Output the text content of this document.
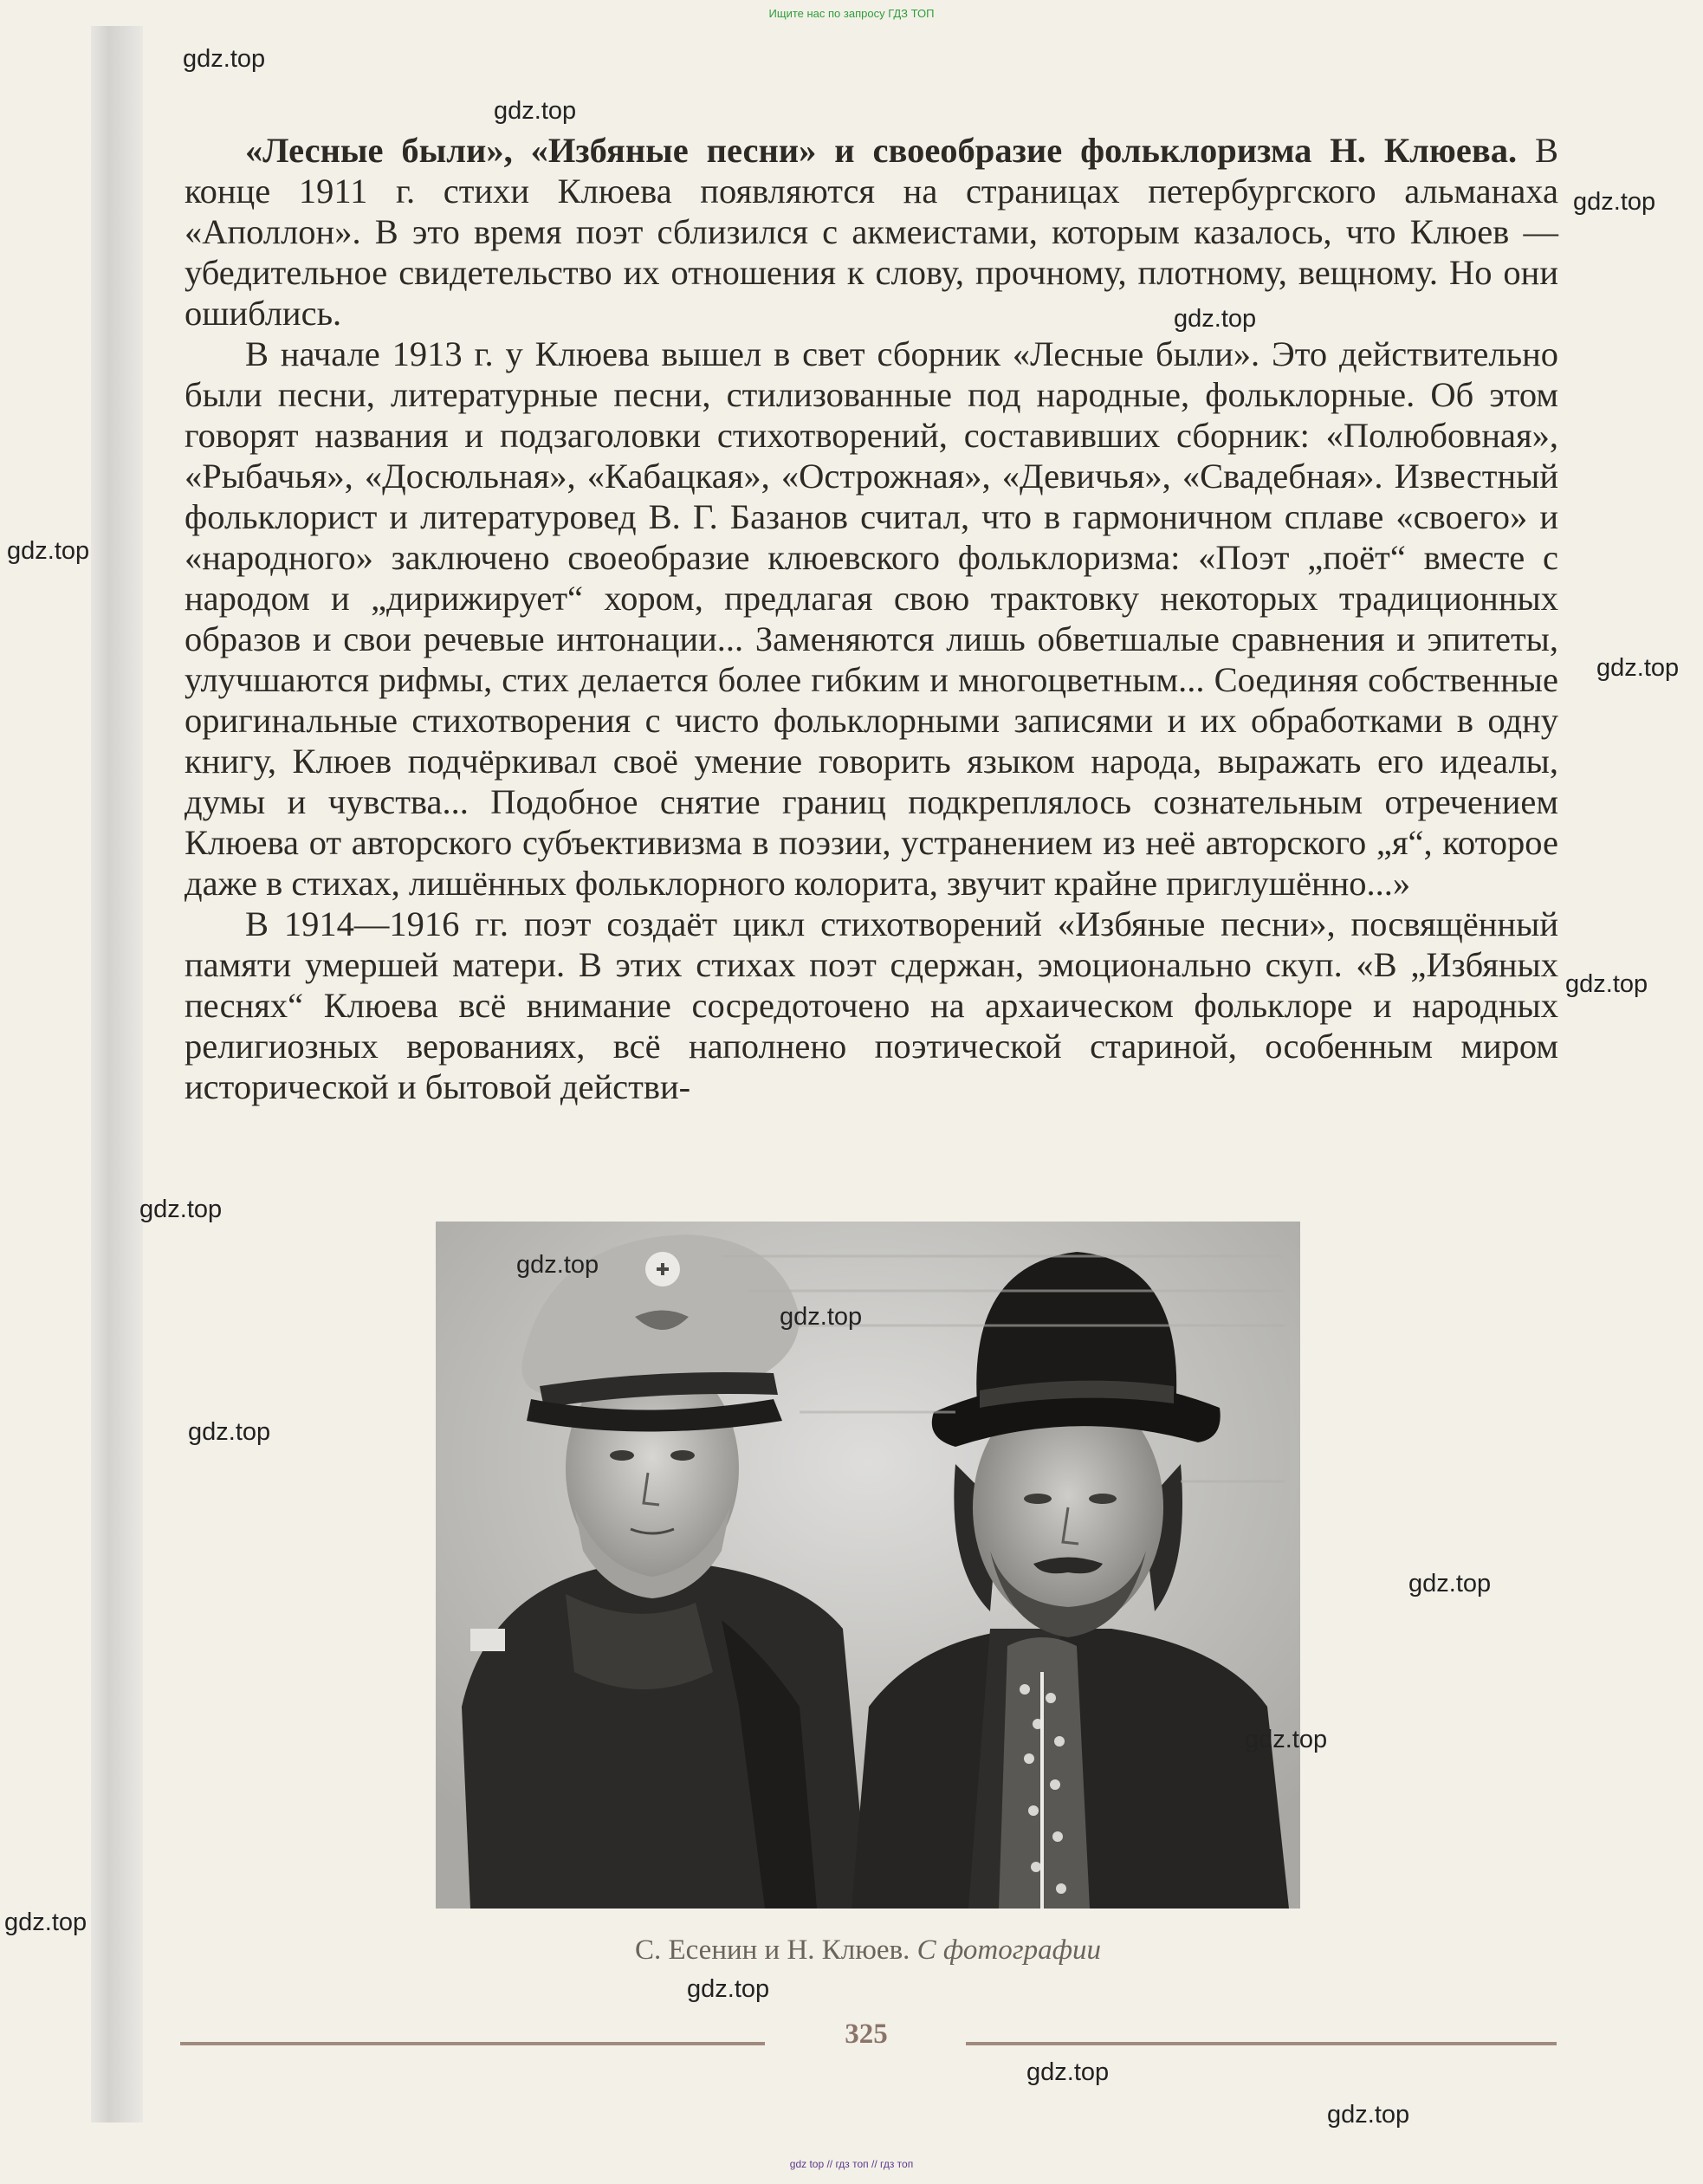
Ищите нас по запросу ГДЗ ТОП

«Лесные были», «Избяные песни» и своеобразие фольклоризма Н. Клюева. В конце 1911 г. стихи Клюева появляются на страницах петербургского альманаха «Аполлон». В это время поэт сблизился с акмеистами, которым казалось, что Клюев — убедительное свидетельство их отношения к слову, прочному, плотному, вещному. Но они ошиблись.

В начале 1913 г. у Клюева вышел в свет сборник «Лесные были». Это действительно были песни, литературные песни, стилизованные под народные, фольклорные. Об этом говорят названия и подзаголовки стихотворений, составивших сборник: «Полюбовная», «Рыбачья», «Досюльная», «Кабацкая», «Острожная», «Девичья», «Свадебная». Известный фольклорист и литературовед В. Г. Базанов считал, что в гармоничном сплаве «своего» и «народного» заключено своеобразие клюевского фольклоризма: «Поэт „поёт“ вместе с народом и „дирижирует“ хором, предлагая свою трактовку некоторых традиционных образов и свои речевые интонации... Заменяются лишь обветшалые сравнения и эпитеты, улучшаются рифмы, стих делается более гибким и многоцветным... Соединяя собственные оригинальные стихотворения с чисто фольклорными записями и их обработками в одну книгу, Клюев подчёркивал своё умение говорить языком народа, выражать его идеалы, думы и чувства... Подобное снятие границ подкреплялось сознательным отречением Клюева от авторского субъективизма в поэзии, устранением из неё авторского „я“, которое даже в стихах, лишённых фольклорного колорита, звучит крайне приглушённо...»

В 1914—1916 гг. поэт создаёт цикл стихотворений «Избяные песни», посвящённый памяти умершей матери. В этих стихах поэт сдержан, эмоционально скуп. «В „Избяных песнях“ Клюева всё внимание сосредоточено на архаическом фольклоре и народных религиозных верованиях, всё наполнено поэтической стариной, особенным миром исторической и бытовой действи-

С. Есенин и Н. Клюев. С фотографии
325
gdz.top
gdz.top
gdz.top
gdz.top
gdz.top
gdz.top
gdz.top
gdz.top
gdz.top
gdz.top
gdz.top
gdz.top
gdz.top
gdz.top
gdz.top
gdz.top
gdz.top
gdz top // гдз топ // гдз топ
